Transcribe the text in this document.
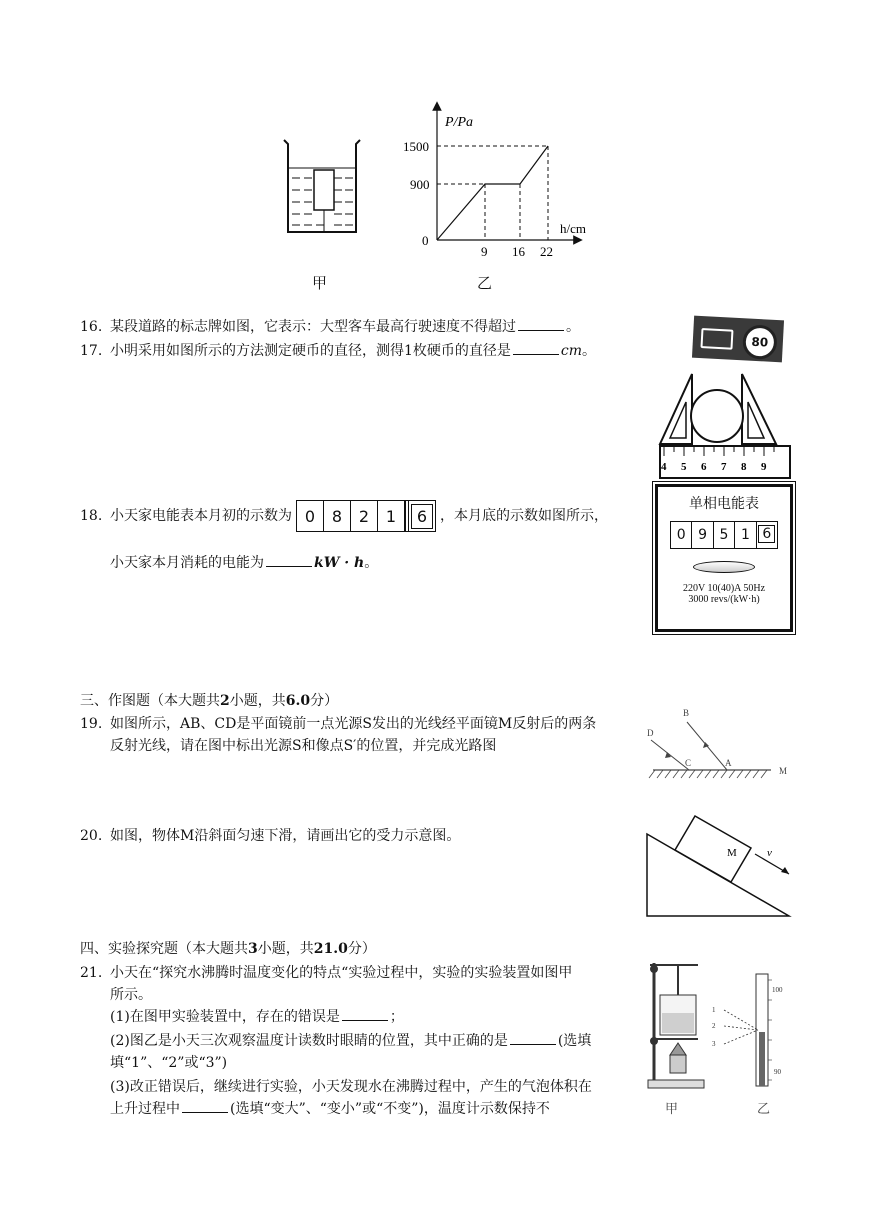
甲
P/Pa
1500
900
0
h/cm
9 16 22
乙
16. 某段道路的标志牌如图，它表示：大型客车最高行驶速度不得超过	。
80
17. 小明采用如图所示的方法测定硬币的直径，测得1枚硬币的直径是	cm。
4 5 6 7 8 9
18. 小天家电能表本月初的示数为 0	8	2	1	6 ，本月底的示数如图所示，
小天家本月消耗的电能为	kW · h。
单相电能表
0 9 5 1 6
220V 10(40)A 50Hz
3000 revs/(kW·h)
三、作图题（本大题共2小题，共6.0分）
19. 如图所示，AB、CD是平面镜前一点光源S发出的光线经平面镜M反射后的两条
反射光线，请在图中标出光源S和像点S′的位置，并完成光路图
B
D
C	A
M
20. 如图，物体M沿斜面匀速下滑，请画出它的受力示意图。
M	v
四、实验探究题（本大题共3小题，共21.0分）
21. 小天在“探究水沸腾时温度变化的特点“实验过程中，实验的实验装置如图甲
所示。
(1)在图甲实验装置中，存在的错误是	；
(2)图乙是小天三次观察温度计读数时眼睛的位置，其中正确的是	(选填
填“1”、“2”或“3”)
(3)改正错误后，继续进行实验，小天发现水在沸腾过程中，产生的气泡体积在
上升过程中	(选填“变大”、“变小”或“不变”)，温度计示数保持不	甲
100
90
1
2
3
乙
